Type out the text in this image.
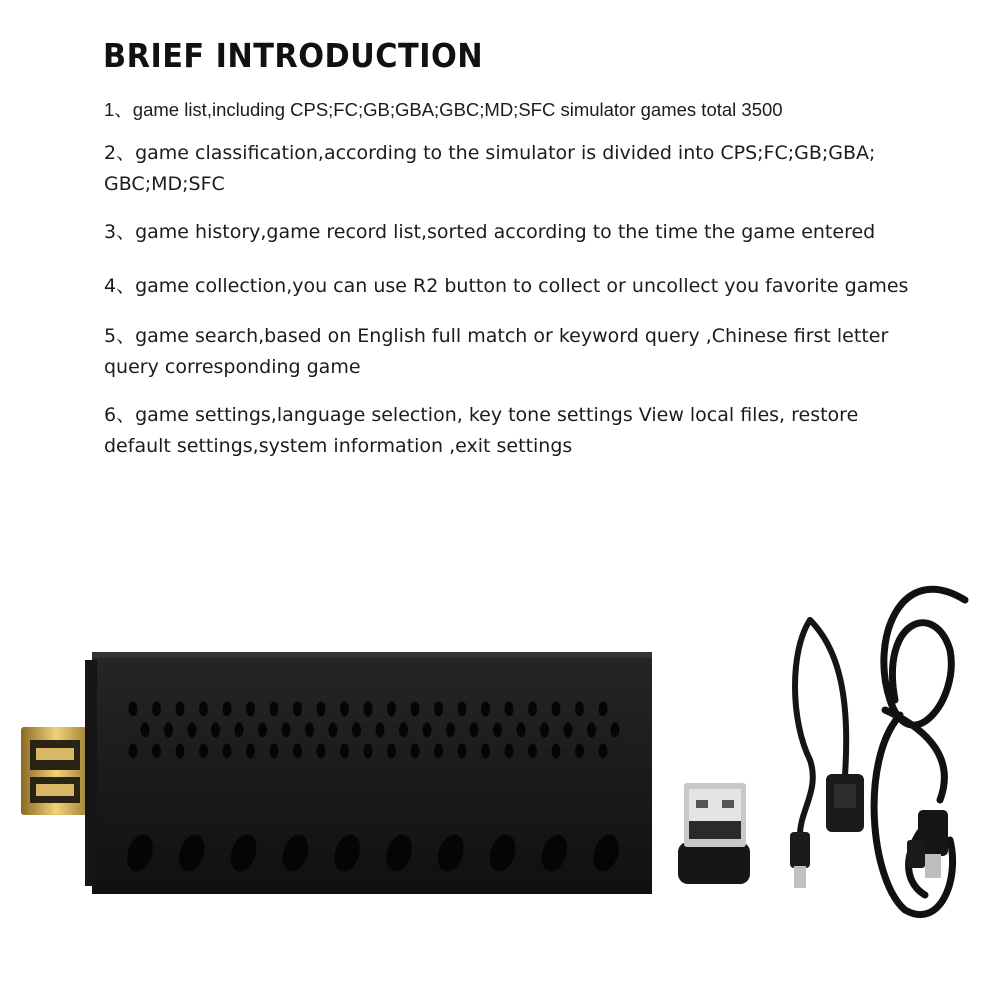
BRIEF INTRODUCTION
1、game list,including CPS;FC;GB;GBA;GBC;MD;SFC simulator games total 3500
2、game classification,according to the simulator is divided into CPS;FC;GB;GBA; GBC;MD;SFC
3、game history,game record list,sorted according to the time the game entered
4、game collection,you can use R2 button to collect or uncollect you favorite games
5、game search,based on English full match or keyword query ,Chinese first letter query corresponding game
6、game settings,language selection, key tone settings View local files, restore default settings,system information ,exit settings
